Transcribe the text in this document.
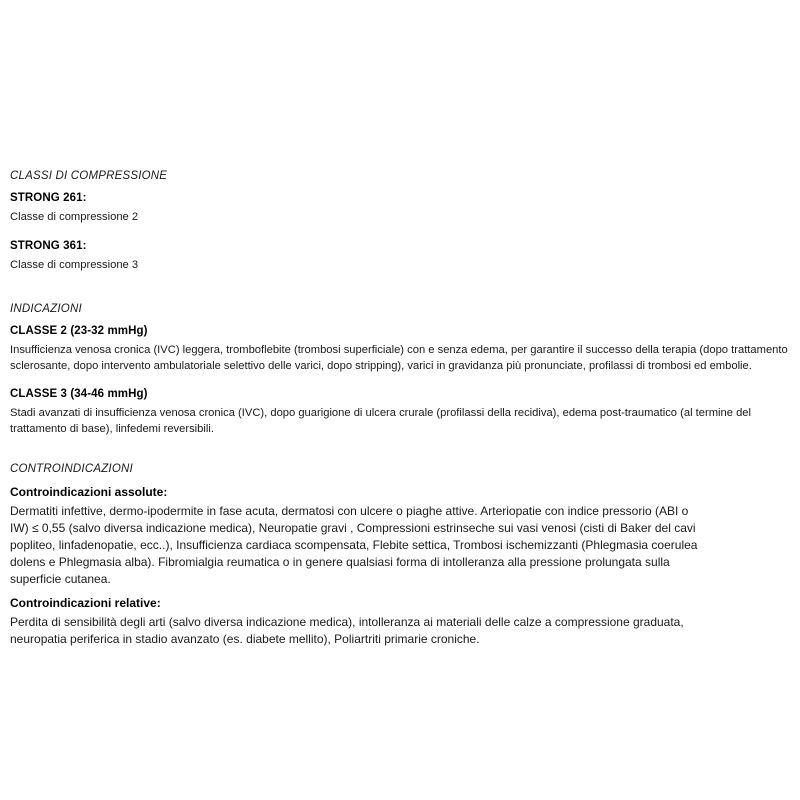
CLASSI DI COMPRESSIONE
STRONG 261:
Classe di compressione 2
STRONG 361:
Classe di compressione 3
INDICAZIONI
CLASSE 2 (23-32 mmHg)
Insufficienza venosa cronica (IVC) leggera, tromboflebite (trombosi superficiale) con e senza edema, per garantire il successo della terapia (dopo trattamento sclerosante, dopo intervento ambulatoriale selettivo delle varici, dopo stripping), varici in gravidanza più pronunciate, profilassi di trombosi ed embolie.
CLASSE 3 (34-46 mmHg)
Stadi avanzati di insufficienza venosa cronica (IVC), dopo guarigione di ulcera crurale (profilassi della recidiva), edema post-traumatico (al termine del trattamento di base), linfedemi reversibili.
CONTROINDICAZIONI
Controindicazioni assolute:
Dermatiti infettive, dermo-ipodermite in fase acuta, dermatosi con ulcere o piaghe attive. Arteriopatie con indice pressorio (ABI o IW) ≤ 0,55 (salvo diversa indicazione medica), Neuropatie gravi , Compressioni estrinseche sui vasi venosi (cisti di Baker del cavi popliteo, linfadenopatie, ecc..), Insufficienza cardiaca scompensata, Flebite settica, Trombosi ischemizzanti (Phlegmasia coerulea dolens e Phlegmasia alba). Fibromialgia reumatica o in genere qualsiasi forma di intolleranza alla pressione prolungata sulla superficie cutanea.
Controindicazioni relative:
Perdita di sensibilità degli arti (salvo diversa indicazione medica), intolleranza ai materiali delle calze a compressione graduata, neuropatia periferica in stadio avanzato (es. diabete mellito), Poliartriti primarie croniche.
